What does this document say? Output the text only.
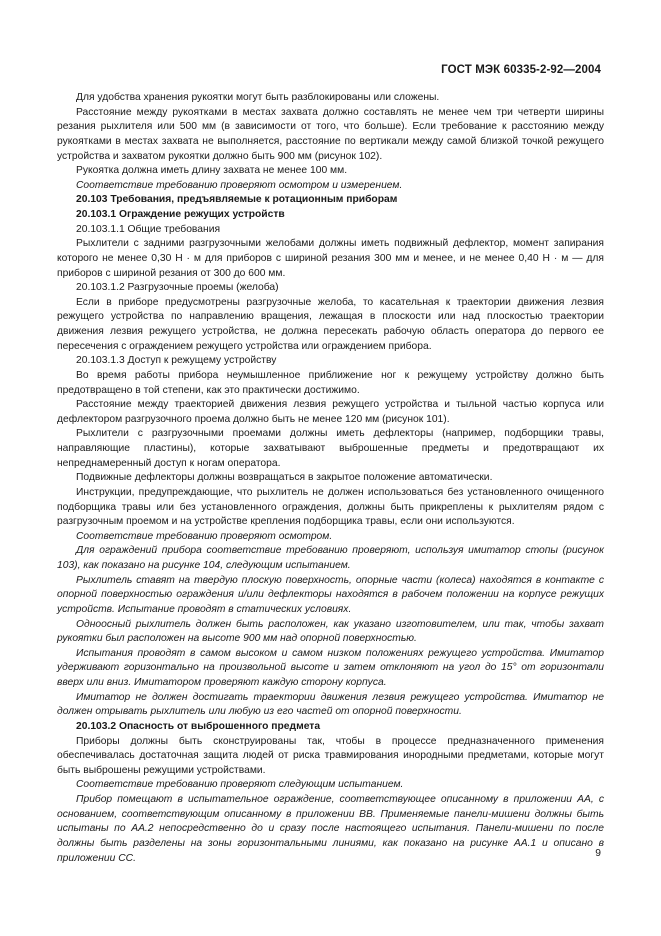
ГОСТ МЭК 60335-2-92—2004

Для удобства хранения рукоятки могут быть разблокированы или сложены.

Расстояние между рукоятками в местах захвата должно составлять не менее чем три четверти ширины резания рыхлителя или 500 мм (в зависимости от того, что больше). Если требование к расстоянию между рукоятками в местах захвата не выполняется, расстояние по вертикали между самой близкой точкой режущего устройства и захватом рукоятки должно быть 900 мм (рисунок 102).

Рукоятка должна иметь длину захвата не менее 100 мм.

Соответствие требованию проверяют осмотром и измерением.

20.103 Требования, предъявляемые к ротационным приборам

20.103.1 Ограждение режущих устройств

20.103.1.1 Общие требования

Рыхлители с задними разгрузочными желобами должны иметь подвижный дефлектор, момент запирания которого не менее 0,30 Н · м для приборов с шириной резания 300 мм и менее, и не менее 0,40 Н · м — для приборов с шириной резания от 300 до 600 мм.

20.103.1.2 Разгрузочные проемы (желоба)

Если в приборе предусмотрены разгрузочные желоба, то касательная к траектории движения лезвия режущего устройства по направлению вращения, лежащая в плоскости или над плоскостью траектории движения лезвия режущего устройства, не должна пересекать рабочую область оператора до первого ее пересечения с ограждением режущего устройства или ограждением прибора.

20.103.1.3 Доступ к режущему устройству

Во время работы прибора неумышленное приближение ног к режущему устройству должно быть предотвращено в той степени, как это практически достижимо.

Расстояние между траекторией движения лезвия режущего устройства и тыльной частью корпуса или дефлектором разгрузочного проема должно быть не менее 120 мм (рисунок 101).

Рыхлители с разгрузочными проемами должны иметь дефлекторы (например, подборщики травы, направляющие пластины), которые захватывают выброшенные предметы и предотвращают их непреднамеренный доступ к ногам оператора.

Подвижные дефлекторы должны возвращаться в закрытое положение автоматически.

Инструкции, предупреждающие, что рыхлитель не должен использоваться без установленного очищенного подборщика травы или без установленного ограждения, должны быть прикреплены к рыхлителям рядом с разгрузочным проемом и на устройстве крепления подборщика травы, если они используются.

Соответствие требованию проверяют осмотром.

Для ограждений прибора соответствие требованию проверяют, используя имитатор стопы (рисунок 103), как показано на рисунке 104, следующим испытанием.

Рыхлитель ставят на твердую плоскую поверхность, опорные части (колеса) находятся в контакте с опорной поверхностью ограждения и/или дефлекторы находятся в рабочем положении на корпусе режущих устройств. Испытание проводят в статических условиях.

Одноосный рыхлитель должен быть расположен, как указано изготовителем, или так, чтобы захват рукоятки был расположен на высоте 900 мм над опорной поверхностью.

Испытания проводят в самом высоком и самом низком положениях режущего устройства. Имитатор удерживают горизонтально на произвольной высоте и затем отклоняют на угол до 15° от горизонтали вверх или вниз. Имитатором проверяют каждую сторону корпуса.

Имитатор не должен достигать траектории движения лезвия режущего устройства. Имитатор не должен отрывать рыхлитель или любую из его частей от опорной поверхности.

20.103.2 Опасность от выброшенного предмета

Приборы должны быть сконструированы так, чтобы в процессе предназначенного применения обеспечивалась достаточная защита людей от риска травмирования инородными предметами, которые могут быть выброшены режущими устройствами.

Соответствие требованию проверяют следующим испытанием.

Прибор помещают в испытательное ограждение, соответствующее описанному в приложении АА, с основанием, соответствующим описанному в приложении ВВ. Применяемые панели-мишени должны быть испытаны по АА.2 непосредственно до и сразу после настоящего испытания. Панели-мишени по после должны быть разделены на зоны горизонтальными линиями, как показано на рисунке АА.1 и описано в приложении СС.	9
